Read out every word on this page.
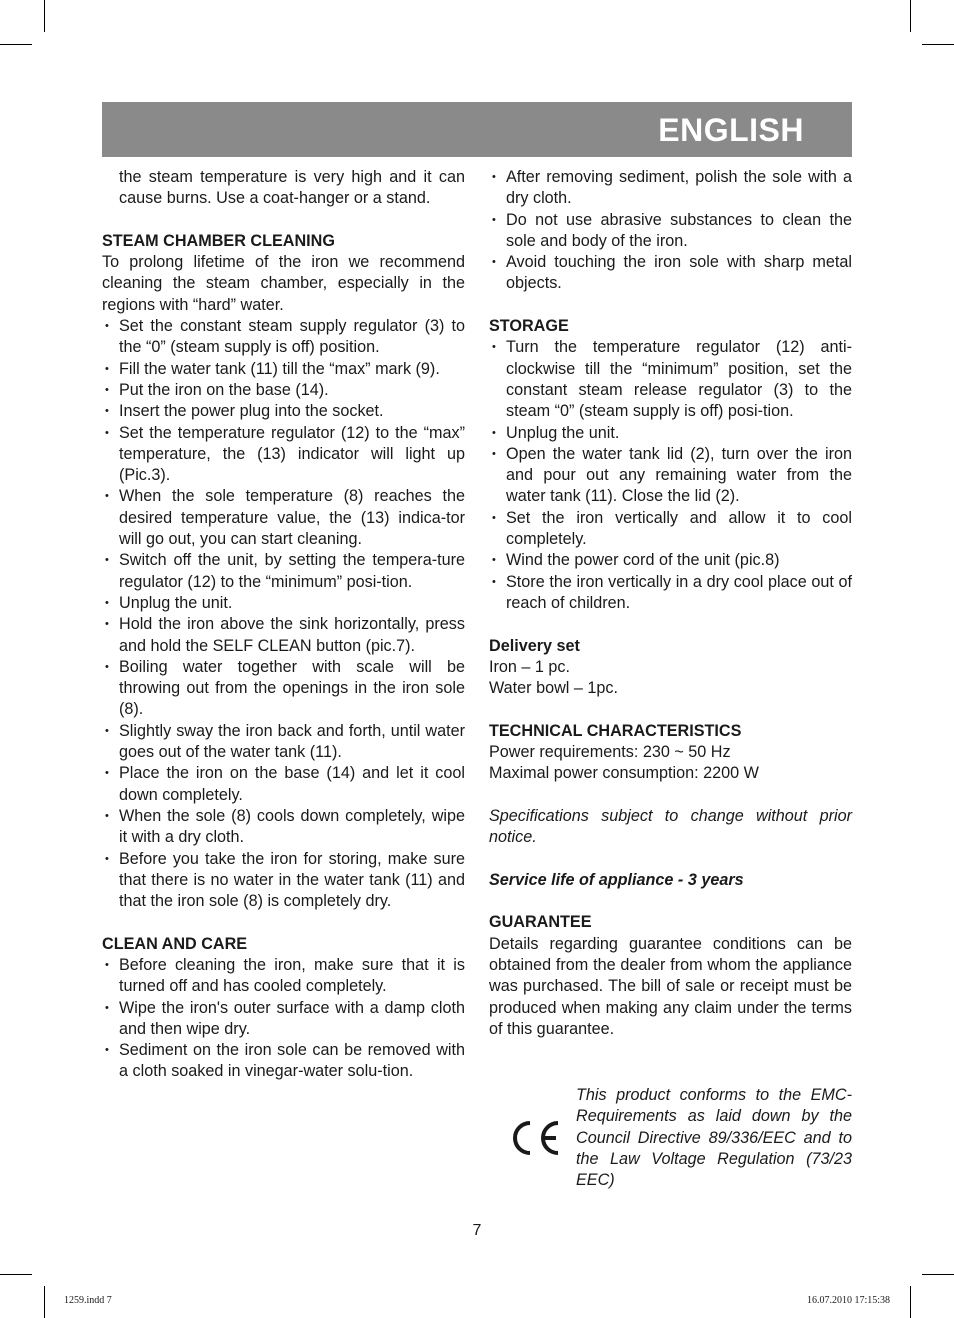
ENGLISH

the steam temperature is very high and it can cause burns. Use a coat-hanger or a stand.

STEAM CHAMBER CLEANING

To prolong lifetime of the iron we recommend cleaning the steam chamber, especially in the regions with “hard” water.

• Set the constant steam supply regulator (3) to the “0” (steam supply is off) position.
• Fill the water tank (11) till the “max” mark (9).
• Put the iron on the base (14).
• Insert the power plug into the socket.
• Set the temperature regulator (12) to the “max” temperature, the (13) indicator will light up (Pic.3).
• When the sole temperature (8) reaches the desired temperature value, the (13) indica-tor will go out, you can start cleaning.
• Switch off the unit, by setting the tempera-ture regulator (12) to the “minimum” posi-tion.
• Unplug the unit.
• Hold the iron above the sink horizontally, press and hold the SELF CLEAN button (pic.7).
• Boiling water together with scale will be throwing out from the openings in the iron sole (8).
• Slightly sway the iron back and forth, until water goes out of the water tank (11).
• Place the iron on the base (14) and let it cool down completely.
• When the sole (8) cools down completely, wipe it with a dry cloth.
• Before you take the iron for storing, make sure that there is no water in the water tank (11) and that the iron sole (8) is completely dry.

CLEAN AND CARE

• Before cleaning the iron, make sure that it is turned off and has cooled completely.
• Wipe the iron's outer surface with a damp cloth and then wipe dry.
• Sediment on the iron sole can be removed with a cloth soaked in vinegar-water solu-tion.
• After removing sediment, polish the sole with a dry cloth.
• Do not use abrasive substances to clean the sole and body of the iron.
• Avoid touching the iron sole with sharp metal objects.

STORAGE

• Turn the temperature regulator (12) anti-clockwise till the “minimum” position, set the constant steam release regulator (3) to the steam “0” (steam supply is off) posi-tion.
• Unplug the unit.
• Open the water tank lid (2), turn over the iron and pour out any remaining water from the water tank (11). Close the lid (2).
• Set the iron vertically and allow it to cool completely.
• Wind the power cord of the unit (pic.8)
• Store the iron vertically in a dry cool place out of reach of children.

Delivery set

Iron – 1 pc.

Water bowl – 1pc.

TECHNICAL CHARACTERISTICS

Power requirements: 230 ~ 50 Hz

Maximal power consumption: 2200 W

Specifications subject to change without prior notice.

Service life of appliance - 3 years

GUARANTEE

Details regarding guarantee conditions can be obtained from the dealer from whom the appliance was purchased. The bill of sale or receipt must be produced when making any claim under the terms of this guarantee.

This product conforms to the EMC-Requirements as laid down by the Council Directive 89/336/EEC and to the Law Voltage Regulation (73/23 EEC)

7
1259.indd 7	16.07.2010 17:15:38
